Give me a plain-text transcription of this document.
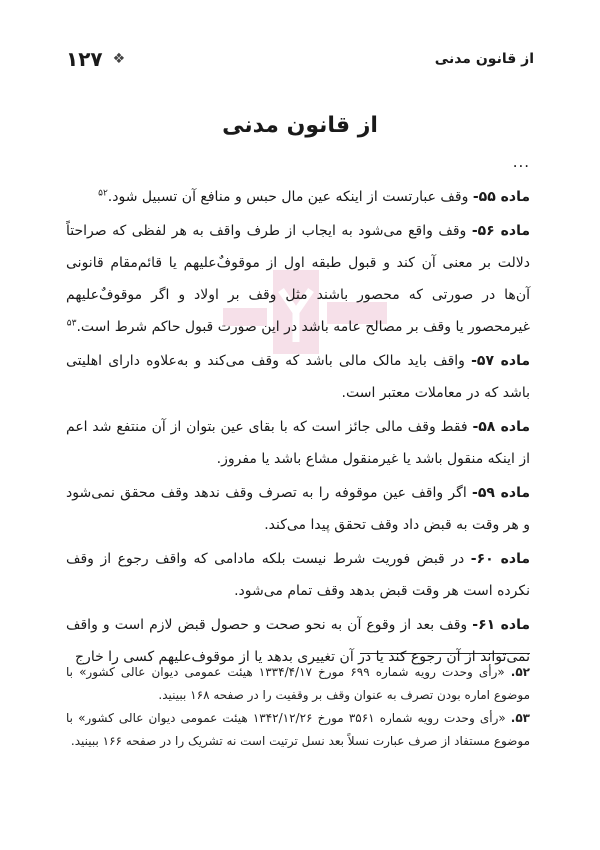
از قانون مدنی
❖
۱۲۷
از قانون مدنی
...

ماده ۵۵- وقف عبارتست از اینکه عین مال حبس و منافع آن تسبیل شود.$^{۵۲}$

ماده ۵۶- وقف واقع می‌شود به ایجاب از طرف واقف به هر لفظی که صراحتاً دلالت بر معنی آن کند و قبول طبقه اول از موقوفٌ‌علیهم یا قائم‌مقام قانونی آن‌ها در صورتی که محصور باشند مثل وقف بر اولاد و اگر موقوفٌ‌علیهم غیرمحصور یا وقف بر مصالح عامه باشد در این صورت قبول حاکم شرط است.$^{۵۳}$

ماده ۵۷- واقف باید مالک مالی باشد که وقف می‌کند و به‌علاوه دارای اهلیتی باشد که در معاملات معتبر است.

ماده ۵۸- فقط وقف مالی جائز است که با بقای عین بتوان از آن منتفع شد اعم از اینکه منقول باشد یا غیرمنقول مشاع باشد یا مفروز.

ماده ۵۹- اگر واقف عین موقوفه را به تصرف وقف ندهد وقف محقق نمی‌شود و هر وقت به قبض داد وقف تحقق پیدا می‌کند.

ماده ۶۰- در قبض فوریت شرط نیست بلکه مادامی که واقف رجوع از وقف نکرده است هر وقت قبض بدهد وقف تمام می‌شود.

ماده ۶۱- وقف بعد از وقوع آن به نحو صحت و حصول قبض لازم است و واقف نمی‌تواند از آن رجوع کند یا در آن تغییری بدهد یا از موقوف‌علیهم کسی را خارج

۵۲. «رأی وحدت رویه شماره ۶۹۹ مورخ ۱۳۳۴/۴/۱۷ هیئت عمومی دیوان عالی کشور» با موضوع اماره بودن تصرف به عنوان وقف بر وقفیت را در صفحه ۱۶۸ ببینید.
۵۳. «رأی وحدت رویه شماره ۳۵۶۱ مورخ ۱۳۴۲/۱۲/۲۶ هیئت عمومی دیوان عالی کشور» با موضوع مستفاد از صرف عبارت نسلاً بعد نسل ترتیت است نه تشریک را در صفحه ۱۶۶ ببینید.
